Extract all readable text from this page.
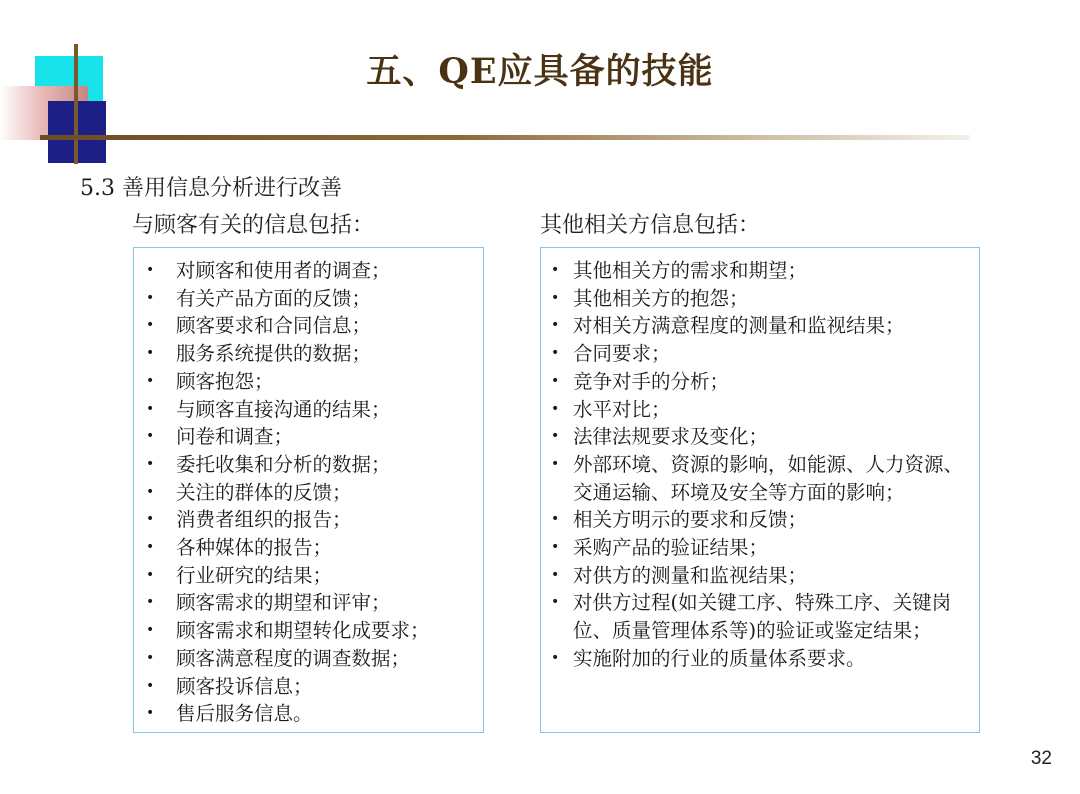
五、QE应具备的技能
5.3 善用信息分析进行改善
与顾客有关的信息包括：	其他相关方信息包括：
• 对顾客和使用者的调查；
• 有关产品方面的反馈；
• 顾客要求和合同信息；
• 服务系统提供的数据；
• 顾客抱怨；
• 与顾客直接沟通的结果；
• 问卷和调查；
• 委托收集和分析的数据；
• 关注的群体的反馈；
• 消费者组织的报告；
• 各种媒体的报告；
• 行业研究的结果；
• 顾客需求的期望和评审；
• 顾客需求和期望转化成要求；
• 顾客满意程度的调查数据；
• 顾客投诉信息；
• 售后服务信息。
• 其他相关方的需求和期望；
• 其他相关方的抱怨；
• 对相关方满意程度的测量和监视结果；
• 合同要求；
• 竞争对手的分析；
• 水平对比；
• 法律法规要求及变化；
• 外部环境、资源的影响，如能源、人力资源、交通运输、环境及安全等方面的影响；
• 相关方明示的要求和反馈；
• 采购产品的验证结果；
• 对供方的测量和监视结果；
• 对供方过程(如关键工序、特殊工序、关键岗位、质量管理体系等)的验证或鉴定结果；
• 实施附加的行业的质量体系要求。
32
